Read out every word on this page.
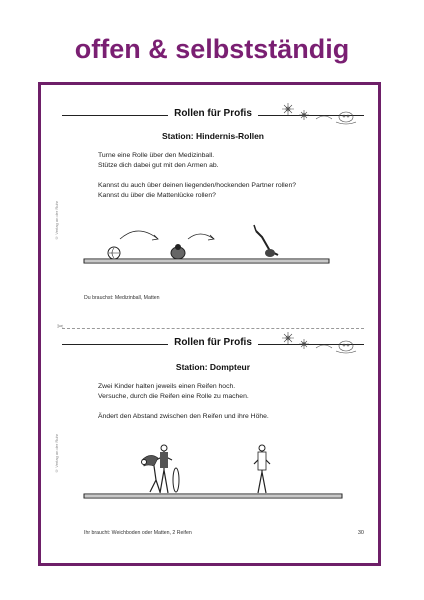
offen & selbstständig
Rollen für Profis
Station: Hindernis-Rollen
Turne eine Rolle über den Medizinball.
Stütze dich dabei gut mit den Armen ab.
Kannst du auch über deinen liegenden/hockenden Partner rollen?
Kannst du über die Mattenlücke rollen?
© Verlag an der Ruhr
Du brauchst: Medizinball, Matten
✂
Rollen für Profis
Station: Dompteur
Zwei Kinder halten jeweils einen Reifen hoch.
Versuche, durch die Reifen eine Rolle zu machen.
Ändert den Abstand zwischen den Reifen und ihre Höhe.
© Verlag an der Ruhr
Ihr braucht: Weichboden oder Matten, 2 Reifen	30
